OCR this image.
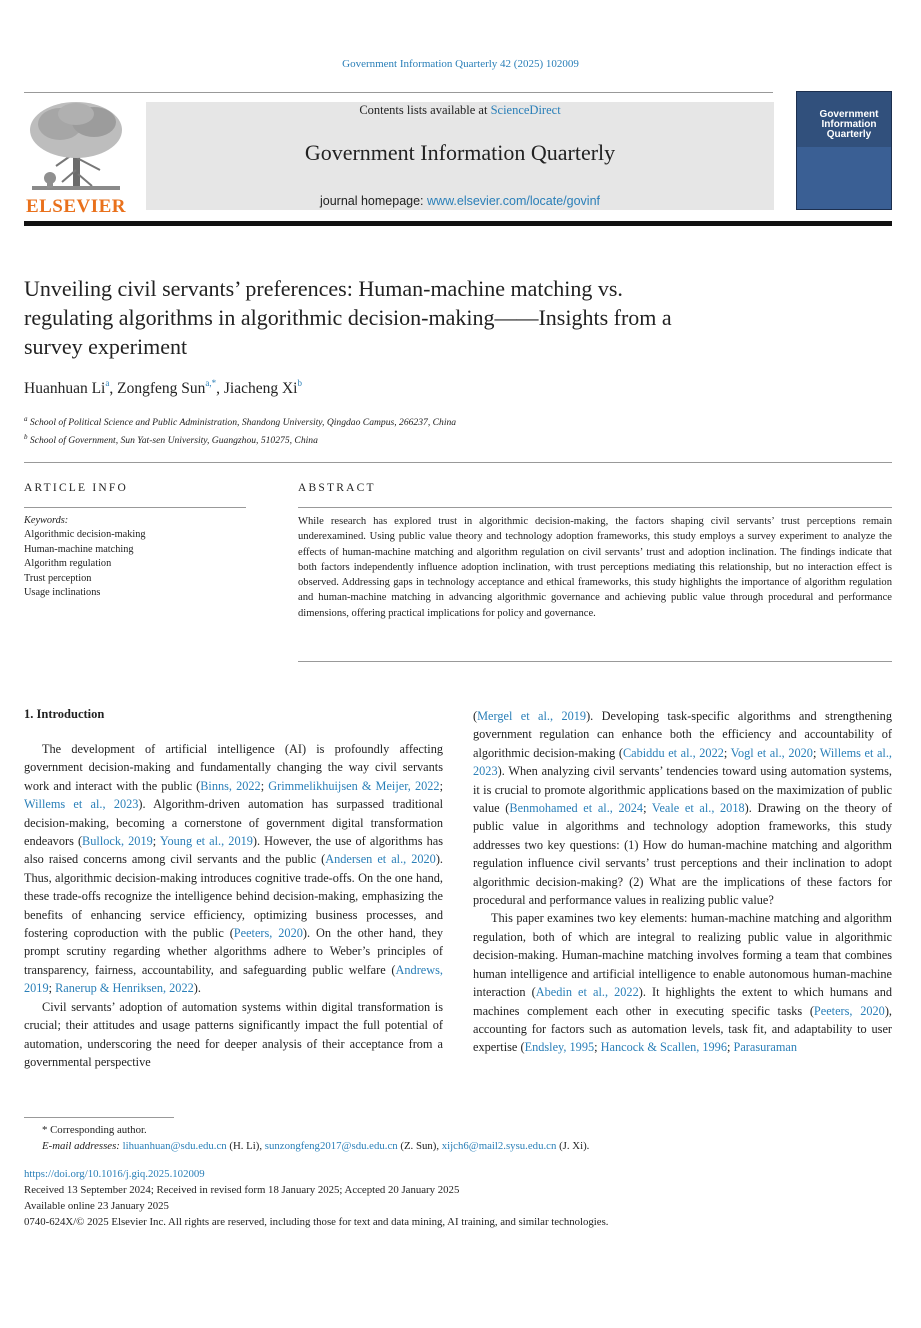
Government Information Quarterly 42 (2025) 102009
ELSEVIER
Contents lists available at ScienceDirect
Government Information Quarterly
journal homepage: www.elsevier.com/locate/govinf
Government
Information
Quarterly
Unveiling civil servants’ preferences: Human-machine matching vs.
regulating algorithms in algorithmic decision-making——Insights from a
survey experiment
Huanhuan Li$^a$, Zongfeng Sun$^{a,*}$, Jiacheng Xi$^b$
$^a$ School of Political Science and Public Administration, Shandong University, Qingdao Campus, 266237, China
$^b$ School of Government, Sun Yat-sen University, Guangzhou, 510275, China
ARTICLE INFO	ABSTRACT
Keywords:
Algorithmic decision-making
Human-machine matching
Algorithm regulation
Trust perception
Usage inclinations
While research has explored trust in algorithmic decision-making, the factors shaping civil servants’ trust perceptions remain underexamined. Using public value theory and technology adoption frameworks, this study employs a survey experiment to analyze the effects of human-machine matching and algorithm regulation on civil servants’ trust and adoption inclination. The findings indicate that both factors independently influence adoption inclination, with trust perceptions mediating this relationship, but no interaction effect is observed. Addressing gaps in technology acceptance and ethical frameworks, this study highlights the importance of algorithm regulation and human-machine matching in advancing algorithmic governance and achieving public value through procedural and performance dimensions, offering practical implications for policy and governance.
1. Introduction

The development of artificial intelligence (AI) is profoundly affecting government decision-making and fundamentally changing the way civil servants work and interact with the public (Binns, 2022; Grimmelikhuijsen & Meijer, 2022; Willems et al., 2023). Algorithm-driven automation has surpassed traditional decision-making, becoming a cornerstone of government digital transformation endeavors (Bullock, 2019; Young et al., 2019). However, the use of algorithms has also raised concerns among civil servants and the public (Andersen et al., 2020). Thus, algorithmic decision-making introduces cognitive trade-offs. On the one hand, these trade-offs recognize the intelligence behind decision-making, emphasizing the benefits of enhancing service efficiency, optimizing business processes, and fostering coproduction with the public (Peeters, 2020). On the other hand, they prompt scrutiny regarding whether algorithms adhere to Weber’s principles of transparency, fairness, accountability, and safeguarding public welfare (Andrews, 2019; Ranerup & Henriksen, 2022).

Civil servants’ adoption of automation systems within digital transformation is crucial; their attitudes and usage patterns significantly impact the full potential of automation, underscoring the need for deeper analysis of their acceptance from a governmental perspective

(Mergel et al., 2019). Developing task-specific algorithms and strengthening government regulation can enhance both the efficiency and accountability of algorithmic decision-making (Cabiddu et al., 2022; Vogl et al., 2020; Willems et al., 2023). When analyzing civil servants’ tendencies toward using automation systems, it is crucial to promote algorithmic applications based on the maximization of public value (Benmohamed et al., 2024; Veale et al., 2018). Drawing on the theory of public value in algorithms and technology adoption frameworks, this study addresses two key questions: (1) How do human-machine matching and algorithm regulation influence civil servants’ trust perceptions and their inclination to adopt algorithmic decision-making? (2) What are the implications of these factors for procedural and performance values in realizing public value?

This paper examines two key elements: human-machine matching and algorithm regulation, both of which are integral to realizing public value in algorithmic decision-making. Human-machine matching involves forming a team that combines human intelligence and artificial intelligence to enable autonomous human-machine interaction (Abedin et al., 2022). It highlights the extent to which humans and machines complement each other in executing specific tasks (Peeters, 2020), accounting for factors such as automation levels, task fit, and adaptability to user expertise (Endsley, 1995; Hancock & Scallen, 1996; Parasuraman

* Corresponding author.
E-mail addresses: lihuanhuan@sdu.edu.cn (H. Li), sunzongfeng2017@sdu.edu.cn (Z. Sun), xijch6@mail2.sysu.edu.cn (J. Xi).
https://doi.org/10.1016/j.giq.2025.102009
Received 13 September 2024; Received in revised form 18 January 2025; Accepted 20 January 2025
Available online 23 January 2025
0740-624X/© 2025 Elsevier Inc. All rights are reserved, including those for text and data mining, AI training, and similar technologies.
